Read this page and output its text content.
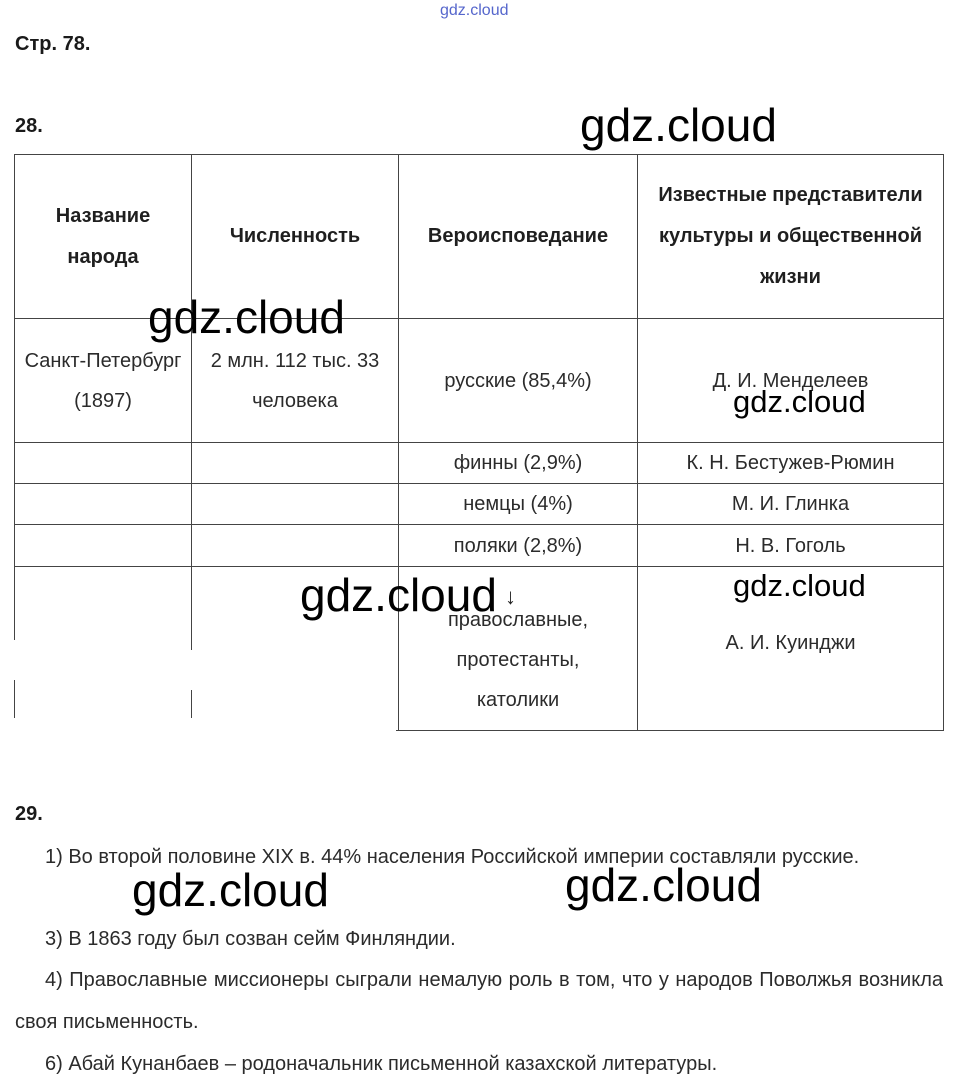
gdz.cloud
Стр. 78.
28.
Название народа	Численность	Вероисповедание	Известные представители культуры и общественной жизни
Санкт-Петербург (1897)	2 млн. 112 тыс. 33 человека	русские (85,4%)	Д. И. Менделеев
		финны (2,9%)	К. Н. Бестужев-Рюмин
		немцы (4%)	М. И. Глинка
		поляки (2,8%)	Н. В. Гоголь
		православные, протестанты, католики	А. И. Куинджи
↓
29.
1) Во второй половине XIX в. 44% населения Российской империи составляли русские.
3) В 1863 году был созван сейм Финляндии.
4) Православные миссионеры сыграли немалую роль в том, что у народов Поволжья возникла своя письменность.
6) Абай Кунанбаев – родоначальник письменной казахской литературы.
gdz.cloud
gdz.cloud
gdz.cloud
gdz.cloud	gdz.cloud
gdz.cloud	gdz.cloud
